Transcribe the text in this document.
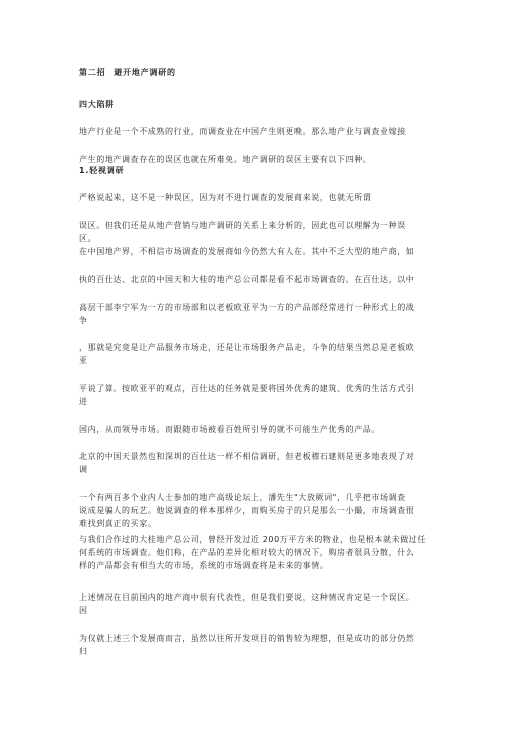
第二招　避开地产调研的
四大陷阱
地产行业是一个不成熟的行业，而调查业在中国产生则更晚。那么地产业与调查业嫁接
产生的地产调查存在的误区也就在所难免。地产调研的误区主要有以下四种。
1.轻视调研
严格说起来，这不是一种误区，因为对不进行调查的发展商来说，也就无所谓
误区。但我们还是从地产营销与地产调研的关系上来分析的，因此也可以理解为一种误
区。
在中国地产界，不相信市场调查的发展商如今仍然大有人在。其中不乏大型的地产商，如
执的百仕达、北京的中国天和大桂的地产总公司都是看不起市场调查的。在百仕达，以中
高层干部李宁军为一方的市场部和以老板欧亚平为一方的产品部经常进行一种形式上的战
争
，那就是究竟是让产品服务市场走，还是让市场服务产品走，斗争的结果当然总是老板欧
亚
平说了算。按欧亚平的观点，百仕达的任务就是要将国外优秀的建筑、优秀的生活方式引
进
国内，从而领导市场。而跟随市场被看百姓所引导的就不可能生产优秀的产品。
北京的中国天景然也和深圳的百仕达一样不相信调研，但老板穆石建则是更多地表现了对
调
一个有两百多个业内人士参加的地产高级论坛上，潘先生"大放厥词"，几乎把市场调查
说成是骗人的玩艺。他说调查的样本那样少，而购买房子的只是那么一小撮，市场调查很
难找到真正的买家。
与我们合作过的大桂地产总公司，曾经开发过近 200万平方米的物业，也是根本就未做过任
何系统的市场调查。他们称，在产品的差异化相对较大的情况下，购房者很具分散，什么
样的产品都会有相当大的市场，系统的市场调查将是未来的事情。
上述情况在目前国内的地产商中很有代表性，但是我们要说，这种情况肯定是一个误区。
因
为仅就上述三个发展商而言，虽然以往所开发项目的销售较为理想，但是成功的部分仍然
归
